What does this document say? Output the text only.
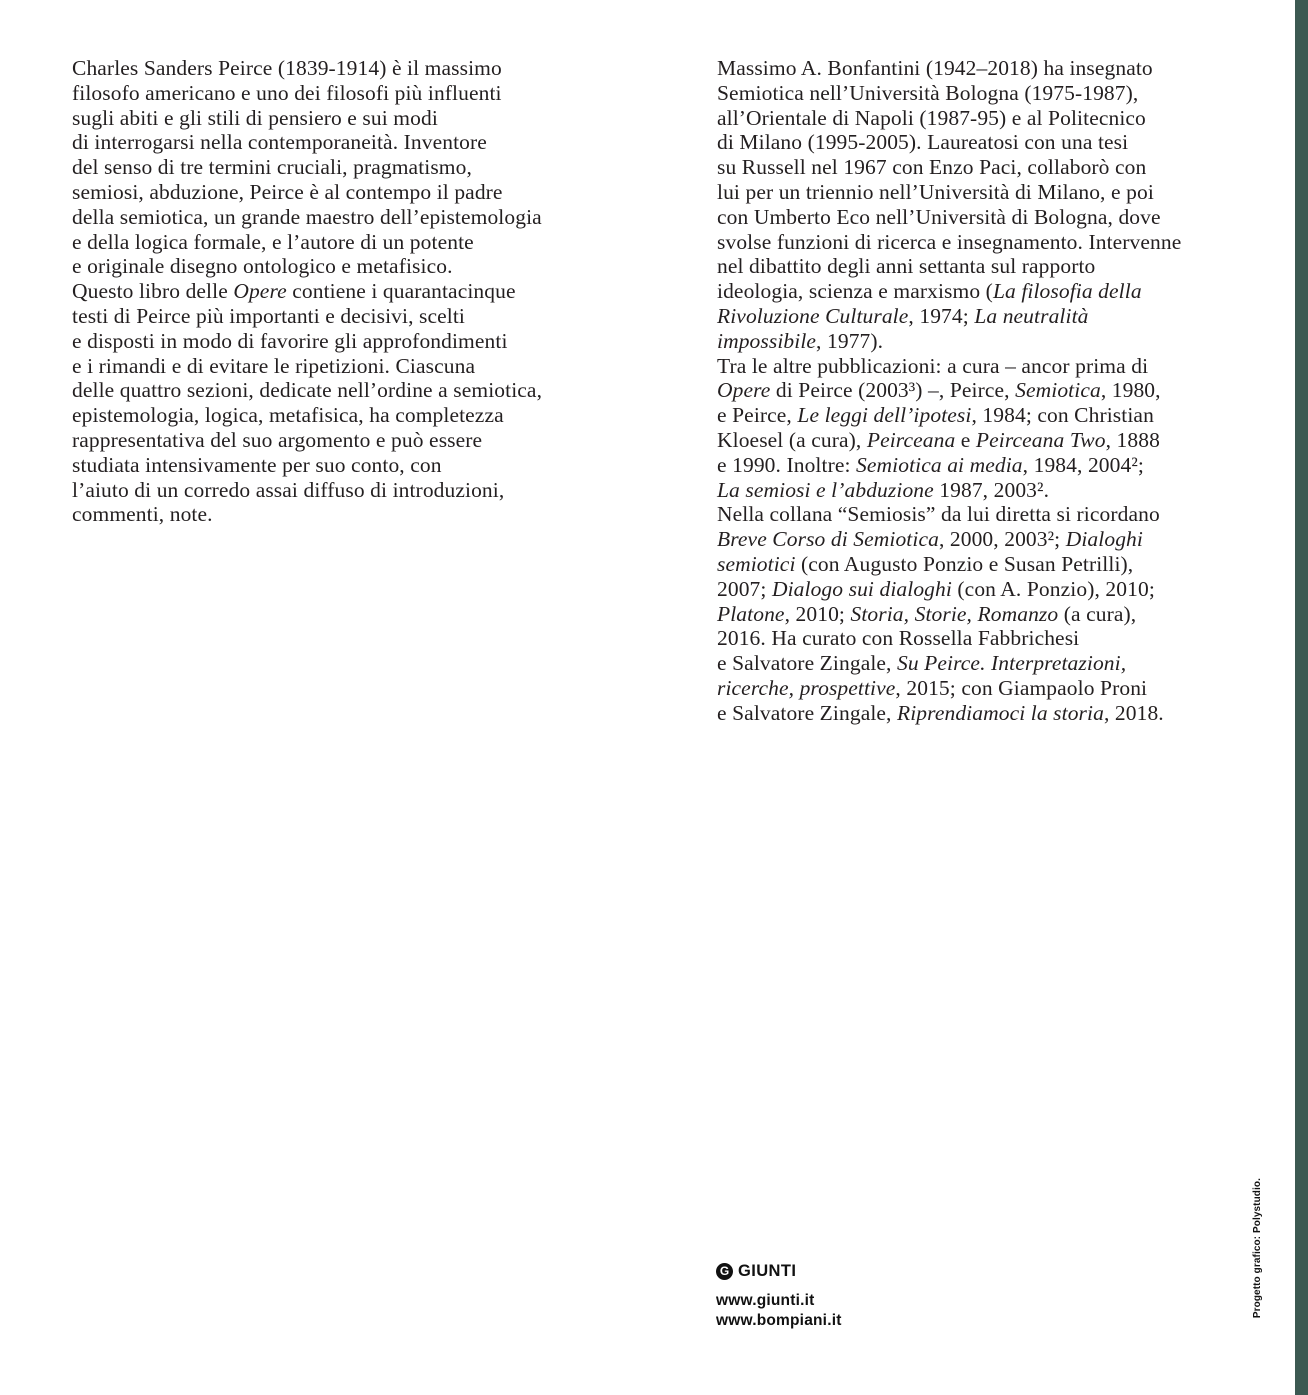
Charles Sanders Peirce (1839-1914) è il massimo
filosofo americano e uno dei filosofi più influenti
sugli abiti e gli stili di pensiero e sui modi
di interrogarsi nella contemporaneità. Inventore
del senso di tre termini cruciali, pragmatismo,
semiosi, abduzione, Peirce è al contempo il padre
della semiotica, un grande maestro dell’epistemologia
e della logica formale, e l’autore di un potente
e originale disegno ontologico e metafisico.
Questo libro delle Opere contiene i quarantacinque
testi di Peirce più importanti e decisivi, scelti
e disposti in modo di favorire gli approfondimenti
e i rimandi e di evitare le ripetizioni. Ciascuna
delle quattro sezioni, dedicate nell’ordine a semiotica,
epistemologia, logica, metafisica, ha completezza
rappresentativa del suo argomento e può essere
studiata intensivamente per suo conto, con
l’aiuto di un corredo assai diffuso di introduzioni,
commenti, note.
Massimo A. Bonfantini (1942–2018) ha insegnato
Semiotica nell’Università Bologna (1975-1987),
all’Orientale di Napoli (1987-95) e al Politecnico
di Milano (1995-2005). Laureatosi con una tesi
su Russell nel 1967 con Enzo Paci, collaborò con
lui per un triennio nell’Università di Milano, e poi
con Umberto Eco nell’Università di Bologna, dove
svolse funzioni di ricerca e insegnamento. Intervenne
nel dibattito degli anni settanta sul rapporto
ideologia, scienza e marxismo (La filosofia della
Rivoluzione Culturale, 1974; La neutralità
impossibile, 1977).
Tra le altre pubblicazioni: a cura – ancor prima di
Opere di Peirce (2003³) –, Peirce, Semiotica, 1980,
e Peirce, Le leggi dell’ipotesi, 1984; con Christian
Kloesel (a cura), Peirceana e Peirceana Two, 1888
e 1990. Inoltre: Semiotica ai media, 1984, 2004²;
La semiosi e l’abduzione 1987, 2003².
Nella collana “Semiosis” da lui diretta si ricordano
Breve Corso di Semiotica, 2000, 2003²; Dialoghi
semiotici (con Augusto Ponzio e Susan Petrilli),
2007; Dialogo sui dialoghi (con A. Ponzio), 2010;
Platone, 2010; Storia, Storie, Romanzo (a cura),
2016. Ha curato con Rossella Fabbrichesi
e Salvatore Zingale, Su Peirce. Interpretazioni,
ricerche, prospettive, 2015; con Giampaolo Proni
e Salvatore Zingale, Riprendiamoci la storia, 2018.
Progetto grafico: Polystudio.
G GIUNTI
www.giunti.it
www.bompiani.it
